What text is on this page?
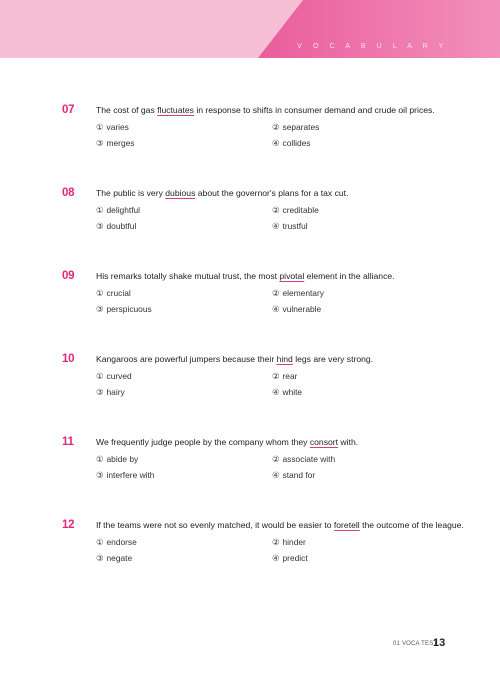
V O C A B U L A R Y
07	The cost of gas fluctuates in response to shifts in consumer demand and crude oil prices.
① varies	② separates
③ merges	④ collides
08	The public is very dubious about the governor's plans for a tax cut.
① delightful	② creditable
③ doubtful	④ trustful
09	His remarks totally shake mutual trust, the most pivotal element in the alliance.
① crucial	② elementary
③ perspicuous	④ vulnerable
10	Kangaroos are powerful jumpers because their hind legs are very strong.
① curved	② rear
③ hairy	④ white
11	We frequently judge people by the company whom they consort with.
① abide by	② associate with
③ interfere with	④ stand for
12	If the teams were not so evenly matched, it would be easier to foretell the outcome of the league.
① endorse	② hinder
③ negate	④ predict
01 VOCA TEST
13
